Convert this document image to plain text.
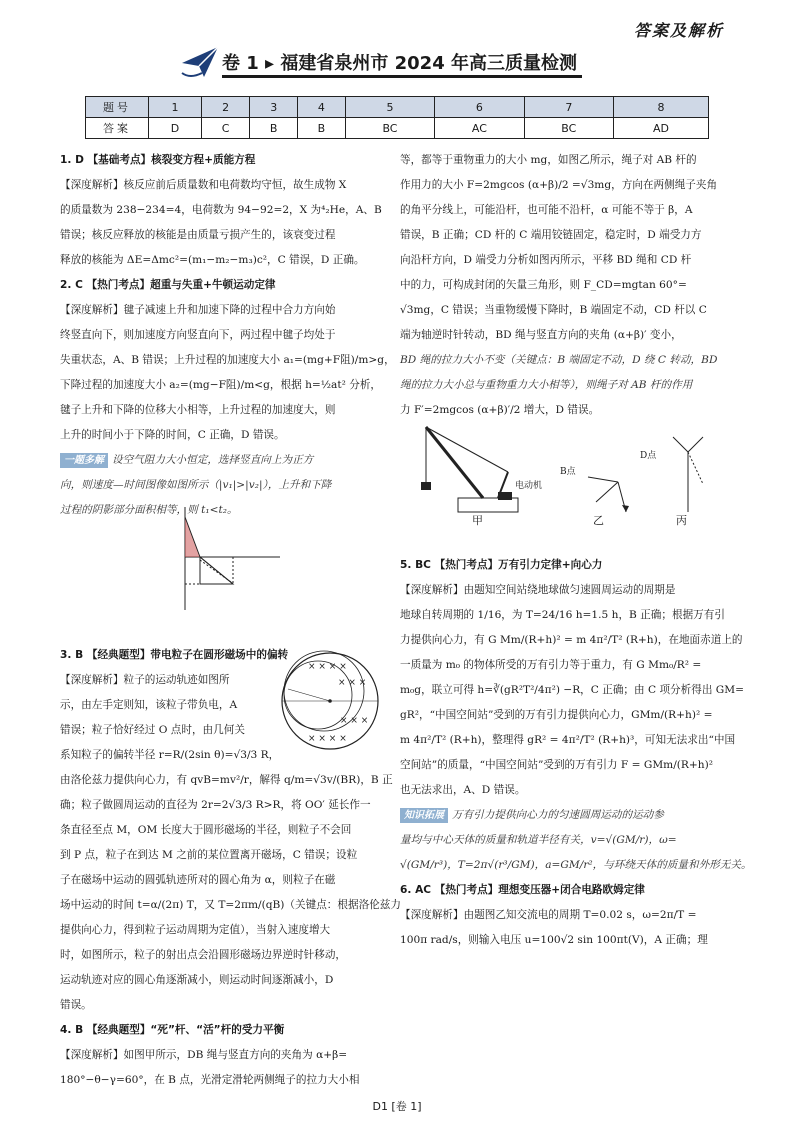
答案及解析
卷 1 ▸ 福建省泉州市 2024 年高三质量检测
题号	1	2	3	4	5	6	7	8
答案	D	C	B	B	BC	AC	BC	AD

1. D 【基础考点】核裂变方程+质能方程

【深度解析】核反应前后质量数和电荷数均守恒，故生成物 X

的质量数为 238−234=4，电荷数为 94−92=2，X 为⁴₂He，A、B

错误；核反应释放的核能是由质量亏损产生的，该衰变过程

释放的核能为 ΔE=Δmc²=(m₁−m₂−m₃)c²，C 错误，D 正确。

2. C 【热门考点】超重与失重+牛顿运动定律

【深度解析】毽子减速上升和加速下降的过程中合力方向始

终竖直向下，则加速度方向竖直向下，两过程中毽子均处于

失重状态，A、B 错误；上升过程的加速度大小 a₁=(mg+F阻)/m>g，

下降过程的加速度大小 a₂=(mg−F阻)/m<g，根据 h=½at² 分析，

毽子上升和下降的位移大小相等，上升过程的加速度大，则

上升的时间小于下降的时间，C 正确，D 错误。

一题多解 设空气阻力大小恒定，选择竖直向上为正方

向，则速度—时间图像如图所示（|v₁|>|v₂|），上升和下降

过程的阴影部分面积相等，则 t₁<t₂。

3. B 【经典题型】带电粒子在圆形磁场中的偏转

【深度解析】粒子的运动轨迹如图所

示，由左手定则知，该粒子带负电，A

错误；粒子恰好经过 O 点时，由几何关

系知粒子的偏转半径 r=R/(2sin θ)=√3/3 R，

由洛伦兹力提供向心力，有 qvB=mv²/r，解得 q/m=√3v/(BR)，B 正

确；粒子做圆周运动的直径为 2r=2√3/3 R>R，将 OO′ 延长作一

条直径至点 M，OM 长度大于圆形磁场的半径，则粒子不会回

到 P 点，粒子在到达 M 之前的某位置离开磁场，C 错误；设粒

子在磁场中运动的圆弧轨迹所对的圆心角为 α，则粒子在磁

场中运动的时间 t=α/(2π) T，又 T=2πm/(qB)（关键点：根据洛伦兹力

提供向心力，得到粒子运动周期为定值），当射入速度增大

时，如图所示，粒子的射出点会沿圆形磁场边界逆时针移动，

运动轨迹对应的圆心角逐渐减小，则运动时间逐渐减小，D

错误。

4. B 【经典题型】“死”杆、“活”杆的受力平衡

【深度解析】如图甲所示，DB 绳与竖直方向的夹角为 α+β=

180°−θ−γ=60°，在 B 点，光滑定滑轮两侧绳子的拉力大小相

× × × ×
× × ×
× × ×
× × × ×

等，都等于重物重力的大小 mg，如图乙所示，绳子对 AB 杆的

作用力的大小 F=2mgcos (α+β)/2 =√3mg，方向在两侧绳子夹角

的角平分线上，可能沿杆，也可能不沿杆，α 可能不等于 β，A

错误，B 正确；CD 杆的 C 端用铰链固定，稳定时，D 端受力方

向沿杆方向，D 端受力分析如图丙所示，平移 BD 绳和 CD 杆

中的力，可构成封闭的矢量三角形，则 F_CD=mgtan 60°=

√3mg，C 错误；当重物缓慢下降时，B 端固定不动，CD 杆以 C

端为轴逆时针转动，BD 绳与竖直方向的夹角 (α+β)′ 变小，

BD 绳的拉力大小不变（关键点：B 端固定不动，D 绕 C 转动，BD

绳的拉力大小总与重物重力大小相等），则绳子对 AB 杆的作用

力 F′=2mgcos (α+β)′/2 增大，D 错误。

5. BC 【热门考点】万有引力定律+向心力

【深度解析】由题知空间站绕地球做匀速圆周运动的周期是

地球自转周期的 1/16，为 T=24/16 h=1.5 h，B 正确；根据万有引

力提供向心力，有 G Mm/(R+h)² = m 4π²/T² (R+h)，在地面赤道上的

一质量为 m₀ 的物体所受的万有引力等于重力，有 G Mm₀/R² =

m₀g，联立可得 h=∛(gR²T²/4π²) −R，C 正确；由 C 项分析得出 GM=

gR²，“中国空间站”受到的万有引力提供向心力，GMm/(R+h)² =

m 4π²/T² (R+h)，整理得 gR² = 4π²/T² (R+h)³，可知无法求出“中国

空间站”的质量，“中国空间站”受到的万有引力 F = GMm/(R+h)²

也无法求出，A、D 错误。

知识拓展 万有引力提供向心力的匀速圆周运动的运动参

量均与中心天体的质量和轨道半径有关，v=√(GM/r)，ω=

√(GM/r³)，T=2π√(r³/GM)，a=GM/r²，与环绕天体的质量和外形无关。

6. AC 【热门考点】理想变压器+闭合电路欧姆定律

【深度解析】由题图乙知交流电的周期 T=0.02 s，ω=2π/T =

100π rad/s，则输入电压 u=100√2 sin 100πt(V)，A 正确；理

甲	乙	丙
电动机
B点
D点
D1 [卷 1]
